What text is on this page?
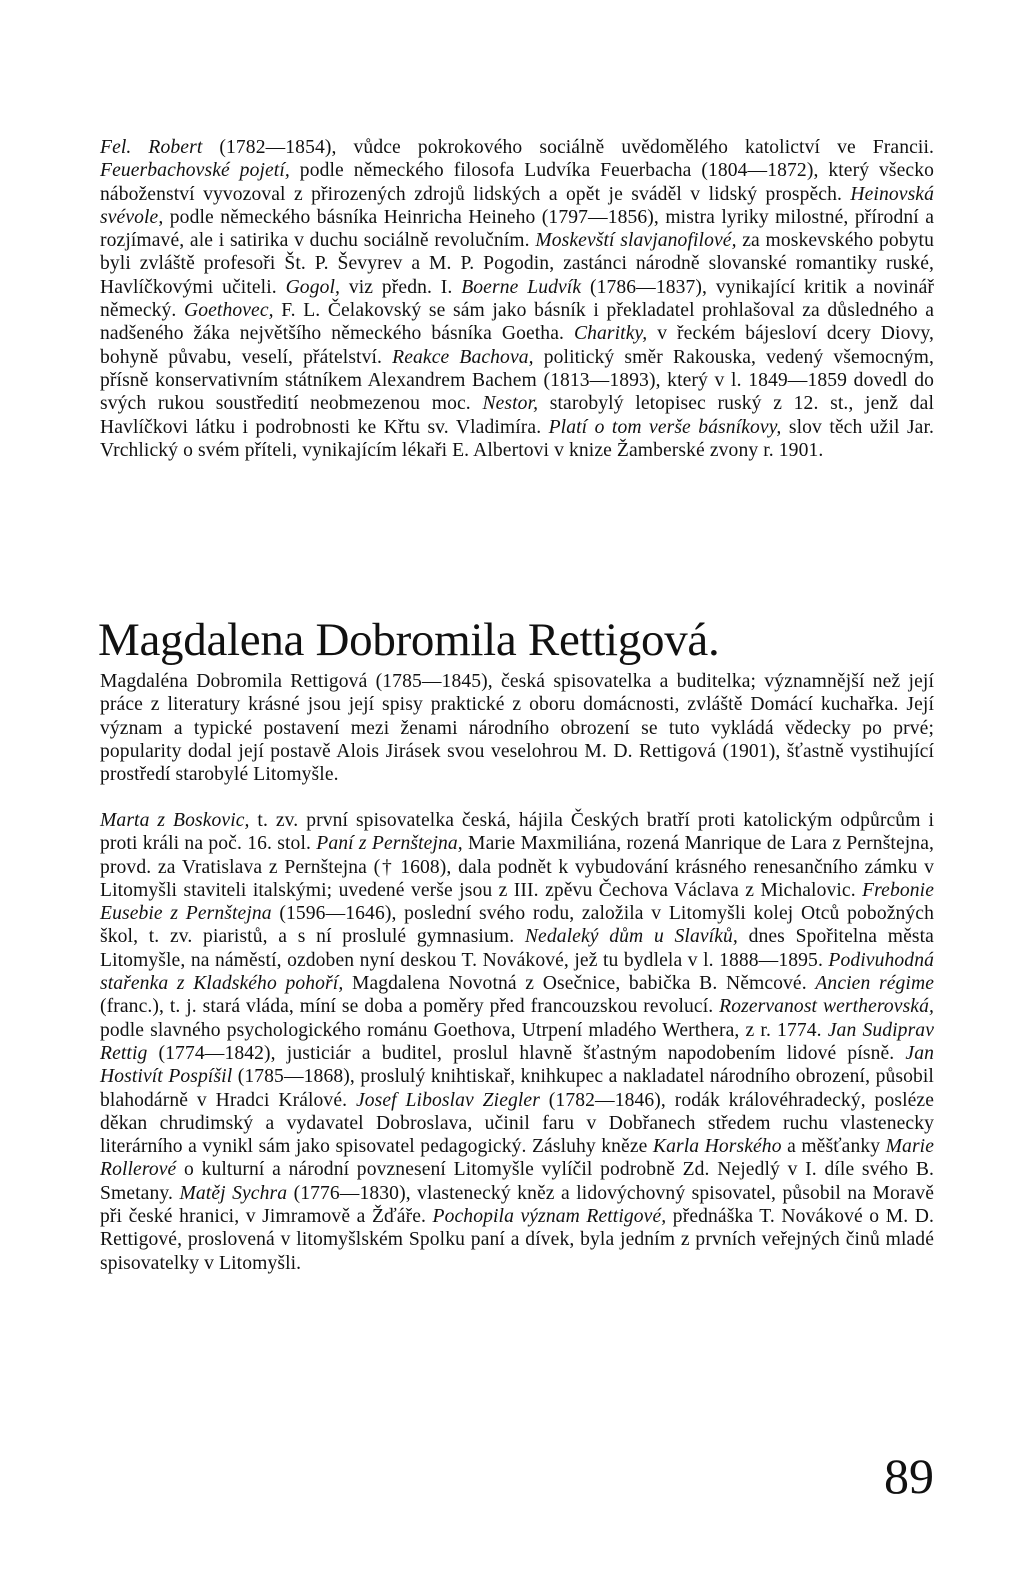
Fel. Robert (1782—1854), vůdce pokrokového sociálně uvědomělého katolictví ve Francii. Feuerbachovské pojetí, podle německého filosofa Ludvíka Feuerbacha (1804—1872), který všecko náboženství vyvozoval z přirozených zdrojů lidských a opět je sváděl v lidský prospěch. Heinovská svévole, podle německého básníka Heinricha Heineho (1797—1856), mistra lyriky milostné, přírodní a rozjímavé, ale i satirika v duchu sociálně revolučním. Moskevští slavjanofilové, za moskevského pobytu byli zvláště profesoři Št. P. Ševyrev a M. P. Pogodin, zastánci národně slovanské romantiky ruské, Havlíčkovými učiteli. Gogol, viz předn. I. Boerne Ludvík (1786—1837), vynikající kritik a novinář německý. Goethovec, F. L. Čelakovský se sám jako básník i překladatel prohlašoval za důsledného a nadšeného žáka největšího německého básníka Goetha. Charitky, v řeckém bájesloví dcery Diovy, bohyně půvabu, veselí, přátelství. Reakce Bachova, politický směr Rakouska, vedený všemocným, přísně konservativním státníkem Alexandrem Bachem (1813—1893), který v l. 1849—1859 dovedl do svých rukou soustředití neobmezenou moc. Nestor, starobylý letopisec ruský z 12. st., jenž dal Havlíčkovi látku i podrobnosti ke Křtu sv. Vladimíra. Platí o tom verše básníkovy, slov těch užil Jar. Vrchlický o svém příteli, vynikajícím lékaři E. Albertovi v knize Žamberské zvony r. 1901.

Magdalena Dobromila Rettigová.

Magdaléna Dobromila Rettigová (1785—1845), česká spisovatelka a buditelka; významnější než její práce z literatury krásné jsou její spisy praktické z oboru domácnosti, zvláště Domácí kuchařka. Její význam a typické postavení mezi ženami národního obrození se tuto vykládá vědecky po prvé; popularity dodal její postavě Alois Jirásek svou veselohrou M. D. Rettigová (1901), šťastně vystihující prostředí starobylé Litomyšle.

Marta z Boskovic, t. zv. první spisovatelka česká, hájila Českých bratří proti katolickým odpůrcům i proti králi na poč. 16. stol. Paní z Pernštejna, Marie Maxmiliána, rozená Manrique de Lara z Pernštejna, provd. za Vratislava z Pernštejna († 1608), dala podnět k vybudování krásného renesančního zámku v Litomyšli staviteli italskými; uvedené verše jsou z III. zpěvu Čechova Václava z Michalovic. Frebonie Eusebie z Pernštejna (1596—1646), poslední svého rodu, založila v Litomyšli kolej Otců pobožných škol, t. zv. piaristů, a s ní proslulé gymnasium. Nedaleký dům u Slavíků, dnes Spořitelna města Litomyšle, na náměstí, ozdoben nyní deskou T. Novákové, jež tu bydlela v l. 1888—1895. Podivuhodná stařenka z Kladského pohoří, Magdalena Novotná z Osečnice, babička B. Němcové. Ancien régime (franc.), t. j. stará vláda, míní se doba a poměry před francouzskou revolucí. Rozervanost wertherovská, podle slavného psychologického románu Goethova, Utrpení mladého Werthera, z r. 1774. Jan Sudiprav Rettig (1774—1842), justiciár a buditel, proslul hlavně šťastným napodobením lidové písně. Jan Hostivít Pospíšil (1785—1868), proslulý knihtiskař, knihkupec a nakladatel národního obrození, působil blahodárně v Hradci Králové. Josef Liboslav Ziegler (1782—1846), rodák královéhradecký, posléze děkan chrudimský a vydavatel Dobroslava, učinil faru v Dobřanech středem ruchu vlastenecky literárního a vynikl sám jako spisovatel pedagogický. Zásluhy kněze Karla Horského a měšťanky Marie Rollerové o kulturní a národní povznesení Litomyšle vylíčil podrobně Zd. Nejedlý v I. díle svého B. Smetany. Matěj Sychra (1776—1830), vlastenecký kněz a lidovýchovný spisovatel, působil na Moravě při české hranici, v Jimramově a Žďáře. Pochopila význam Rettigové, přednáška T. Novákové o M. D. Rettigové, proslovená v litomyšlském Spolku paní a dívek, byla jedním z prvních veřejných činů mladé spisovatelky v Litomyšli.

89
